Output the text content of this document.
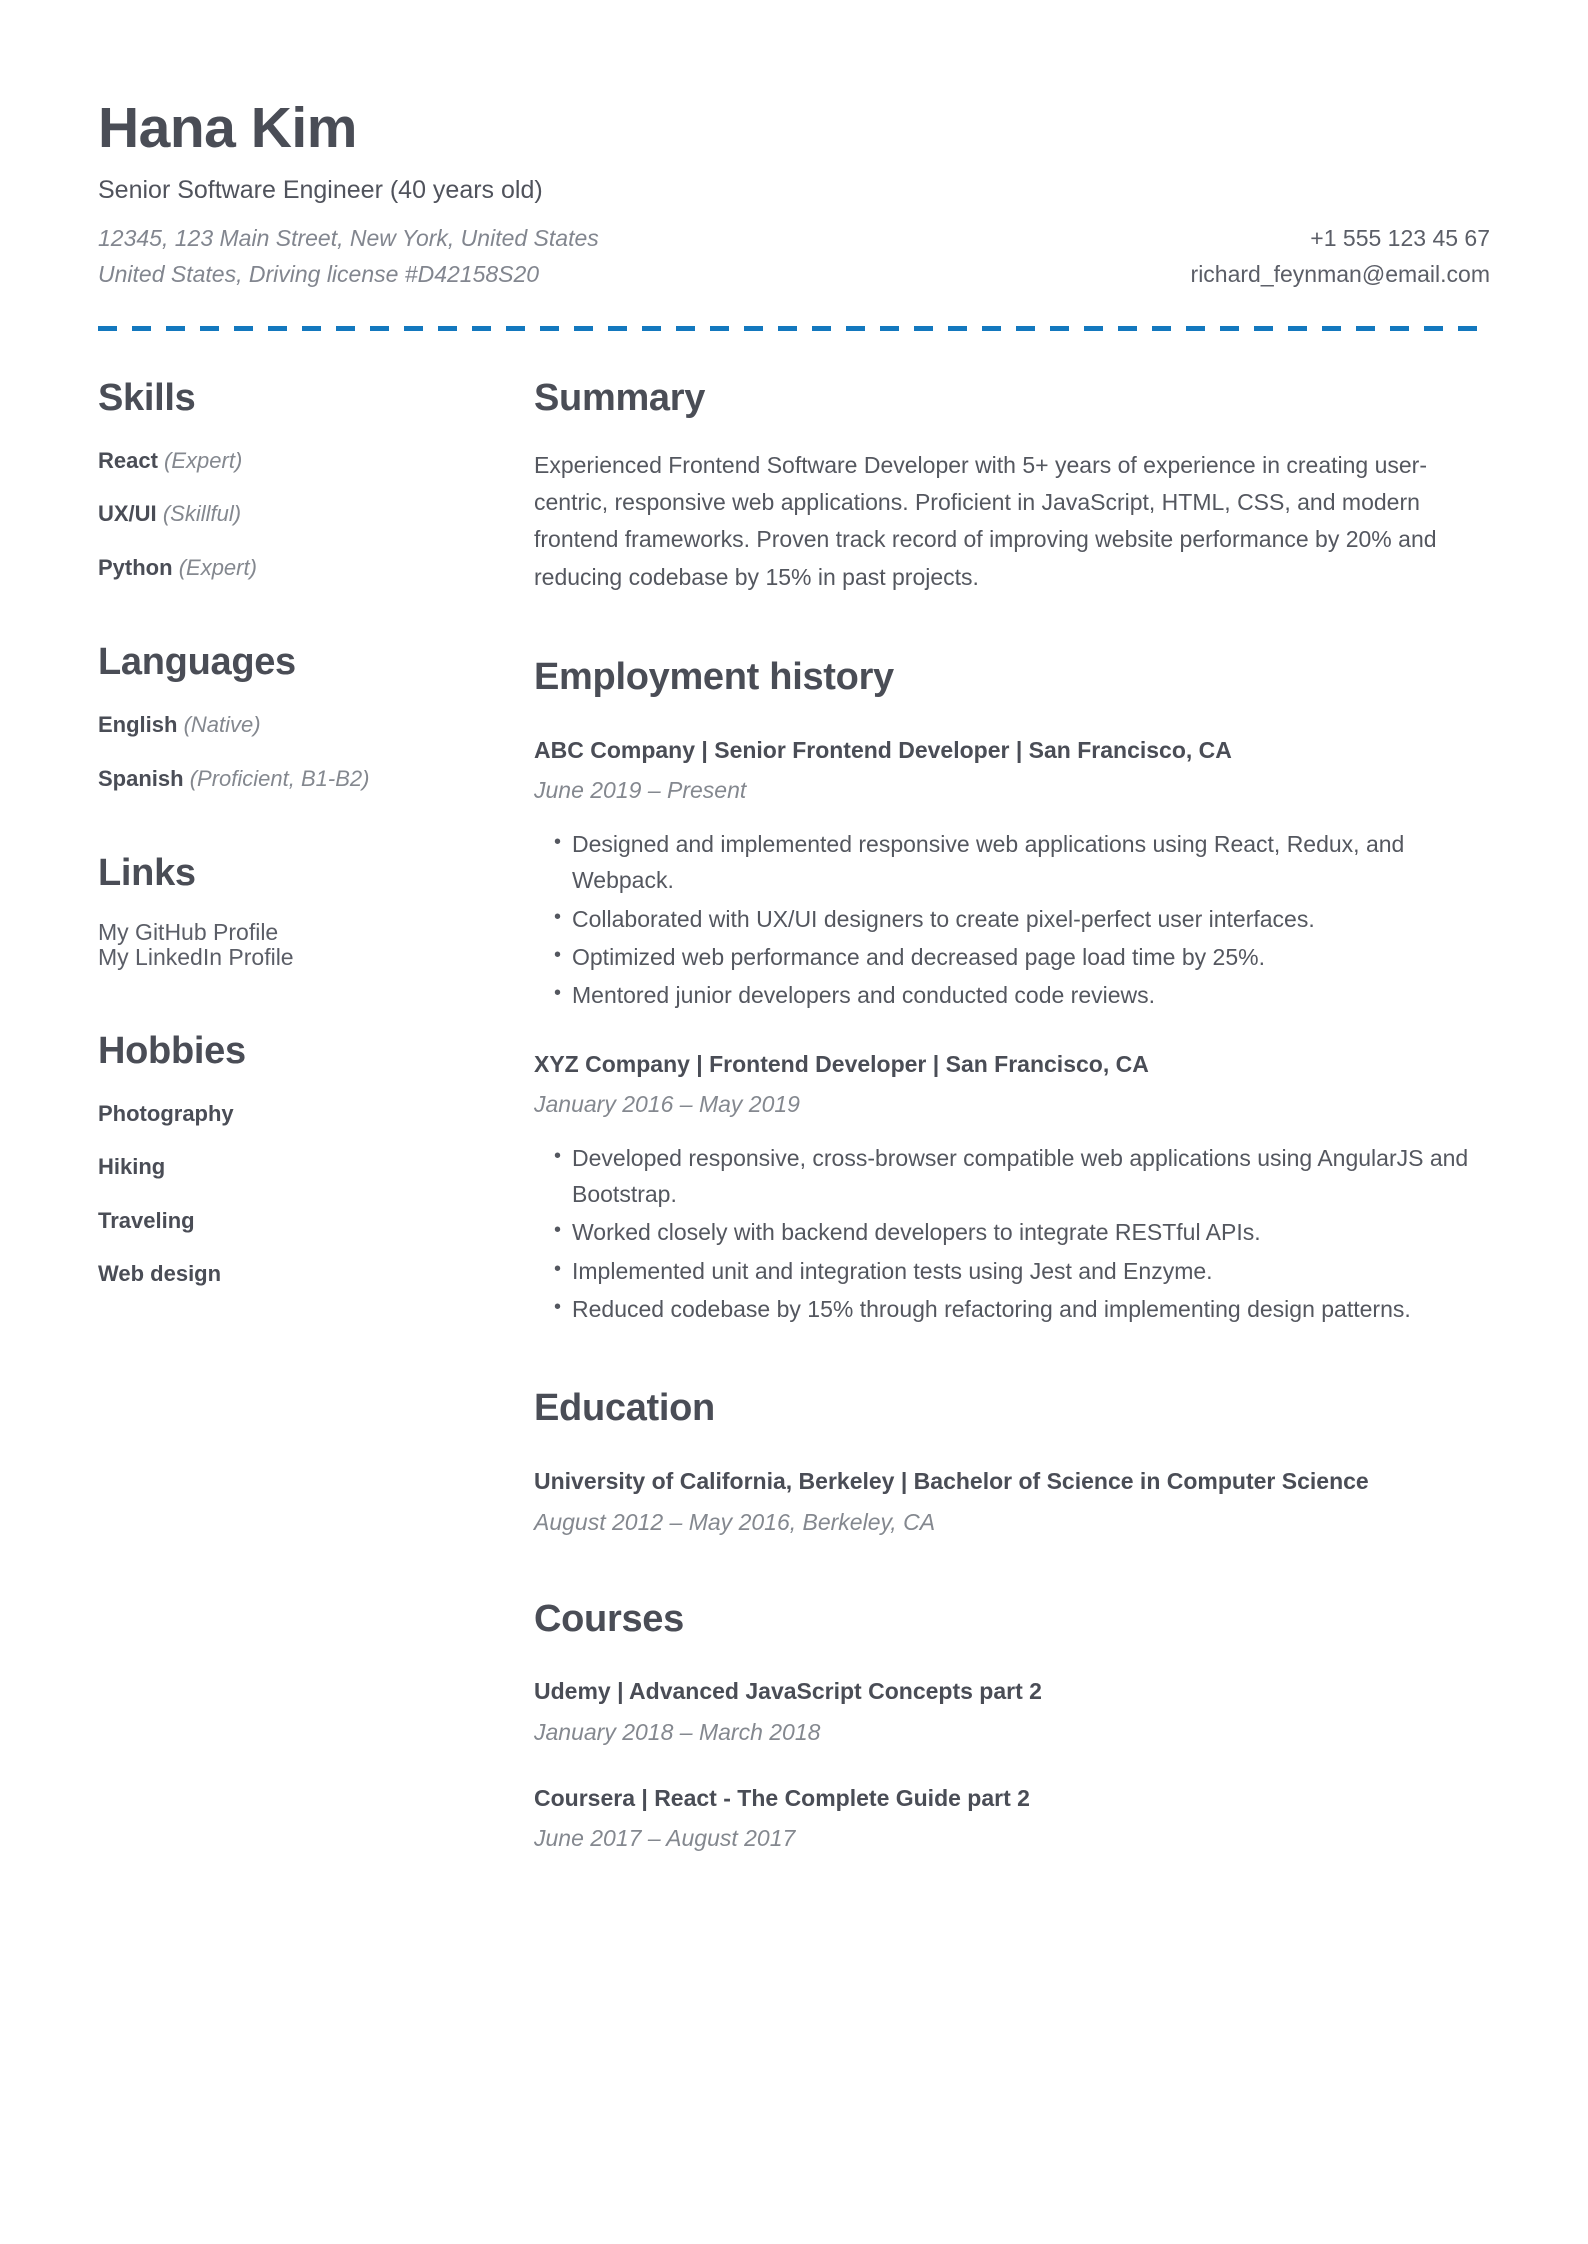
Hana Kim
Senior Software Engineer (40 years old)
12345, 123 Main Street, New York, United States	+1 555 123 45 67
United States, Driving license #D42158S20	richard_feynman@email.com
Skills
React (Expert)
UX/UI (Skillful)
Python (Expert)
Languages
English (Native)
Spanish (Proficient, B1-B2)
Links
My GitHub Profile
My LinkedIn Profile
Hobbies
Photography
Hiking
Traveling
Web design
Summary
Experienced Frontend Software Developer with 5+ years of experience in creating user-centric, responsive web applications. Proficient in JavaScript, HTML, CSS, and modern frontend frameworks. Proven track record of improving website performance by 20% and reducing codebase by 15% in past projects.
Employment history
ABC Company | Senior Frontend Developer | San Francisco, CA
June 2019 – Present
• Designed and implemented responsive web applications using React, Redux, and Webpack.
• Collaborated with UX/UI designers to create pixel-perfect user interfaces.
• Optimized web performance and decreased page load time by 25%.
• Mentored junior developers and conducted code reviews.
XYZ Company | Frontend Developer | San Francisco, CA
January 2016 – May 2019
• Developed responsive, cross-browser compatible web applications using AngularJS and Bootstrap.
• Worked closely with backend developers to integrate RESTful APIs.
• Implemented unit and integration tests using Jest and Enzyme.
• Reduced codebase by 15% through refactoring and implementing design patterns.
Education
University of California, Berkeley | Bachelor of Science in Computer Science
August 2012 – May 2016, Berkeley, CA
Courses
Udemy | Advanced JavaScript Concepts part 2
January 2018 – March 2018
Coursera | React - The Complete Guide part 2
June 2017 – August 2017
